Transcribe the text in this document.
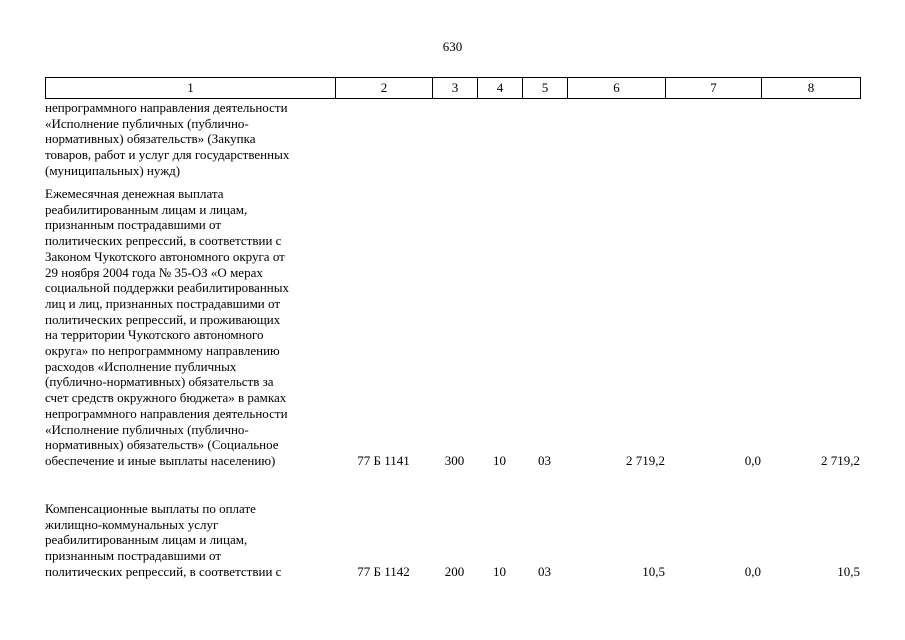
630
1	2	3	4	5	6	7	8
непрограммного направления деятельности
«Исполнение публичных (публично-
нормативных) обязательств» (Закупка
товаров, работ и услуг для государственных
(муниципальных) нужд)
Ежемесячная денежная выплата
реабилитированным лицам и лицам,
признанным пострадавшими от
политических репрессий, в соответствии с
Законом Чукотского автономного округа от
29 ноября 2004 года № 35-ОЗ «О мерах
социальной поддержки реабилитированных
лиц и лиц, признанных пострадавшими от
политических репрессий, и проживающих
на территории Чукотского автономного
округа» по непрограммному направлению
расходов «Исполнение публичных
(публично-нормативных) обязательств за
счет средств окружного бюджета» в рамках
непрограммного направления деятельности
«Исполнение публичных (публично-
нормативных) обязательств» (Социальное
обеспечение и иные выплаты населению)	77 Б 1141	300	10	03	2 719,2	0,0	2 719,2
Компенсационные выплаты по оплате
жилищно-коммунальных услуг
реабилитированным лицам и лицам,
признанным пострадавшими от
политических репрессий, в соответствии с	77 Б 1142	200	10	03	10,5	0,0	10,5
